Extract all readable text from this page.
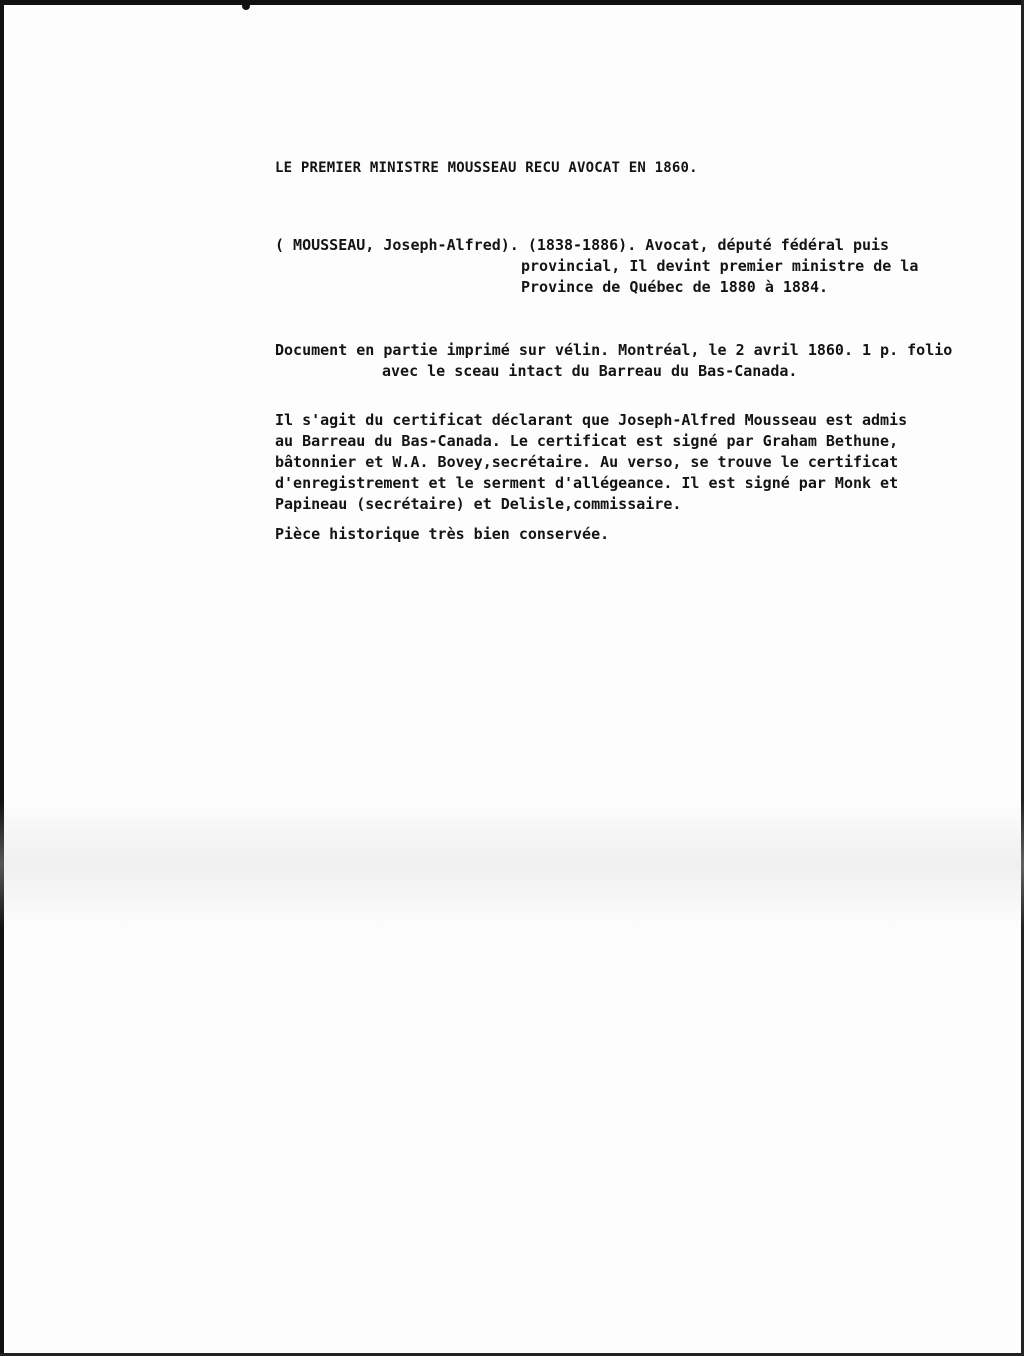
LE PREMIER MINISTRE MOUSSEAU RECU AVOCAT EN 1860.
( MOUSSEAU, Joseph-Alfred). (1838-1886). Avocat, député fédéral puis
provincial, Il devint premier ministre de la
Province de Québec de 1880 à 1884.
Document en partie imprimé sur vélin. Montréal, le 2 avril 1860. 1 p. folio
avec le sceau intact du Barreau du Bas-Canada.
Il s'agit du certificat déclarant que Joseph-Alfred Mousseau est admis
au Barreau du Bas-Canada. Le certificat est signé par Graham Bethune,
bâtonnier et W.A. Bovey,secrétaire. Au verso, se trouve le certificat
d'enregistrement et le serment d'allégeance. Il est signé par Monk et
Papineau (secrétaire) et Delisle,commissaire.
Pièce historique très bien conservée.
